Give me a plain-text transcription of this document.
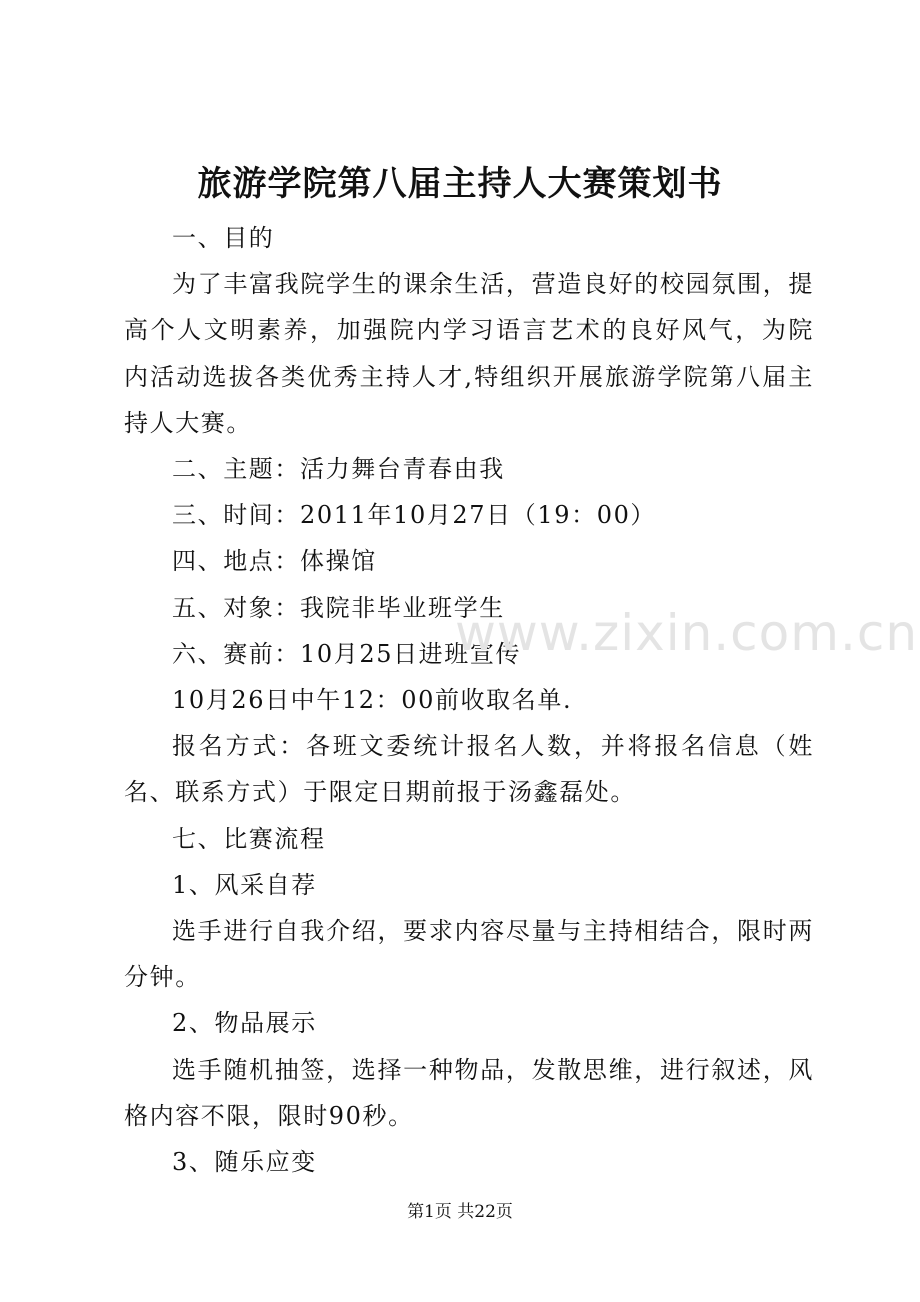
旅游学院第八届主持人大赛策划书

一、目的

为了丰富我院学生的课余生活，营造良好的校园氛围，提高个人文明素养，加强院内学习语言艺术的良好风气，为院内活动选拔各类优秀主持人才,特组织开展旅游学院第八届主持人大赛。

二、主题：活力舞台青春由我

三、时间：2011年10月27日（19：00）

四、地点：体操馆

五、对象：我院非毕业班学生

六、赛前：10月25日进班宣传

10月26日中午12：00前收取名单.

报名方式：各班文委统计报名人数，并将报名信息（姓名、联系方式）于限定日期前报于汤鑫磊处。

七、比赛流程

1、风采自荐

选手进行自我介绍，要求内容尽量与主持相结合，限时两分钟。

2、物品展示

选手随机抽签，选择一种物品，发散思维，进行叙述，风格内容不限，限时90秒。

3、随乐应变

www.zixin.com.cn
第1页 共22页
